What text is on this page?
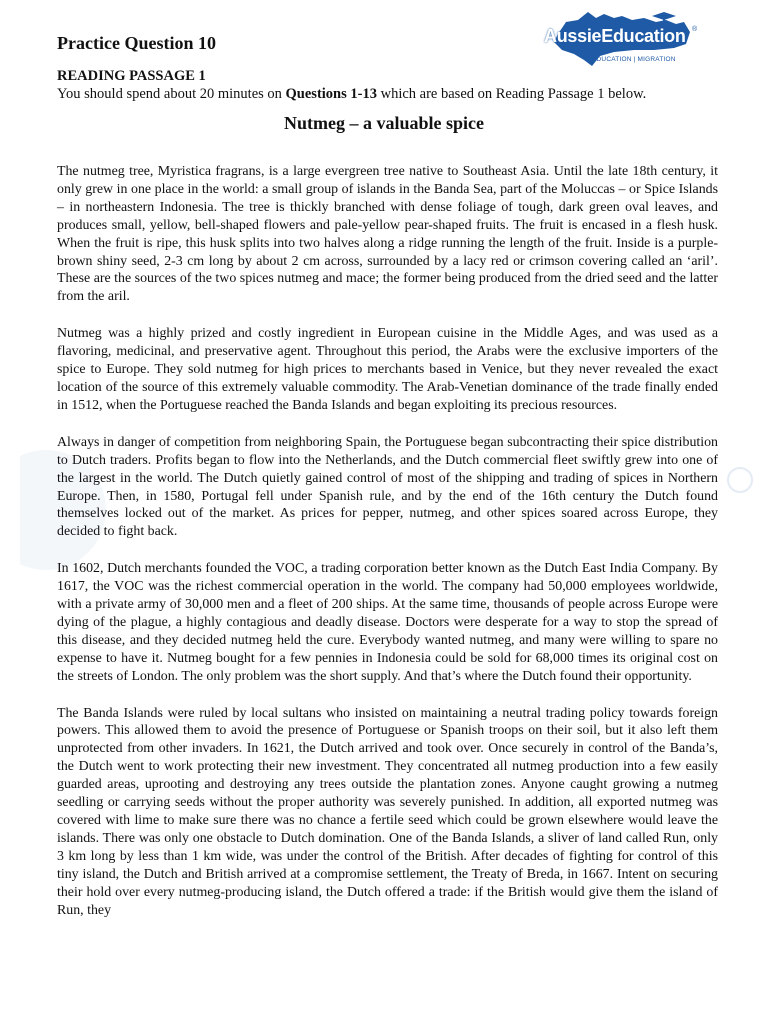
AussieEducation ®
EDUCATION | MIGRATION
Practice Question 10
READING PASSAGE 1
You should spend about 20 minutes on Questions 1-13 which are based on Reading Passage 1 below.
Nutmeg – a valuable spice

The nutmeg tree, Myristica fragrans, is a large evergreen tree native to Southeast Asia. Until the late 18th century, it only grew in one place in the world: a small group of islands in the Banda Sea, part of the Moluccas – or Spice Islands – in northeastern Indonesia. The tree is thickly branched with dense foliage of tough, dark green oval leaves, and produces small, yellow, bell-shaped flowers and pale-yellow pear-shaped fruits. The fruit is encased in a flesh husk. When the fruit is ripe, this husk splits into two halves along a ridge running the length of the fruit. Inside is a purple-brown shiny seed, 2-3 cm long by about 2 cm across, surrounded by a lacy red or crimson covering called an ‘aril’. These are the sources of the two spices nutmeg and mace; the former being produced from the dried seed and the latter from the aril.

Nutmeg was a highly prized and costly ingredient in European cuisine in the Middle Ages, and was used as a flavoring, medicinal, and preservative agent. Throughout this period, the Arabs were the exclusive importers of the spice to Europe. They sold nutmeg for high prices to merchants based in Venice, but they never revealed the exact location of the source of this extremely valuable commodity. The Arab-Venetian dominance of the trade finally ended in 1512, when the Portuguese reached the Banda Islands and began exploiting its precious resources.

Always in danger of competition from neighboring Spain, the Portuguese began subcontracting their spice distribution to Dutch traders. Profits began to flow into the Netherlands, and the Dutch commercial fleet swiftly grew into one of the largest in the world. The Dutch quietly gained control of most of the shipping and trading of spices in Northern Europe. Then, in 1580, Portugal fell under Spanish rule, and by the end of the 16th century the Dutch found themselves locked out of the market. As prices for pepper, nutmeg, and other spices soared across Europe, they decided to fight back.

In 1602, Dutch merchants founded the VOC, a trading corporation better known as the Dutch East India Company. By 1617, the VOC was the richest commercial operation in the world. The company had 50,000 employees worldwide, with a private army of 30,000 men and a fleet of 200 ships. At the same time, thousands of people across Europe were dying of the plague, a highly contagious and deadly disease. Doctors were desperate for a way to stop the spread of this disease, and they decided nutmeg held the cure. Everybody wanted nutmeg, and many were willing to spare no expense to have it. Nutmeg bought for a few pennies in Indonesia could be sold for 68,000 times its original cost on the streets of London. The only problem was the short supply. And that’s where the Dutch found their opportunity.

The Banda Islands were ruled by local sultans who insisted on maintaining a neutral trading policy towards foreign powers. This allowed them to avoid the presence of Portuguese or Spanish troops on their soil, but it also left them unprotected from other invaders. In 1621, the Dutch arrived and took over. Once securely in control of the Banda’s, the Dutch went to work protecting their new investment. They concentrated all nutmeg production into a few easily guarded areas, uprooting and destroying any trees outside the plantation zones. Anyone caught growing a nutmeg seedling or carrying seeds without the proper authority was severely punished. In addition, all exported nutmeg was covered with lime to make sure there was no chance a fertile seed which could be grown elsewhere would leave the islands. There was only one obstacle to Dutch domination. One of the Banda Islands, a sliver of land called Run, only 3 km long by less than 1 km wide, was under the control of the British. After decades of fighting for control of this tiny island, the Dutch and British arrived at a compromise settlement, the Treaty of Breda, in 1667. Intent on securing their hold over every nutmeg-producing island, the Dutch offered a trade: if the British would give them the island of Run, they
